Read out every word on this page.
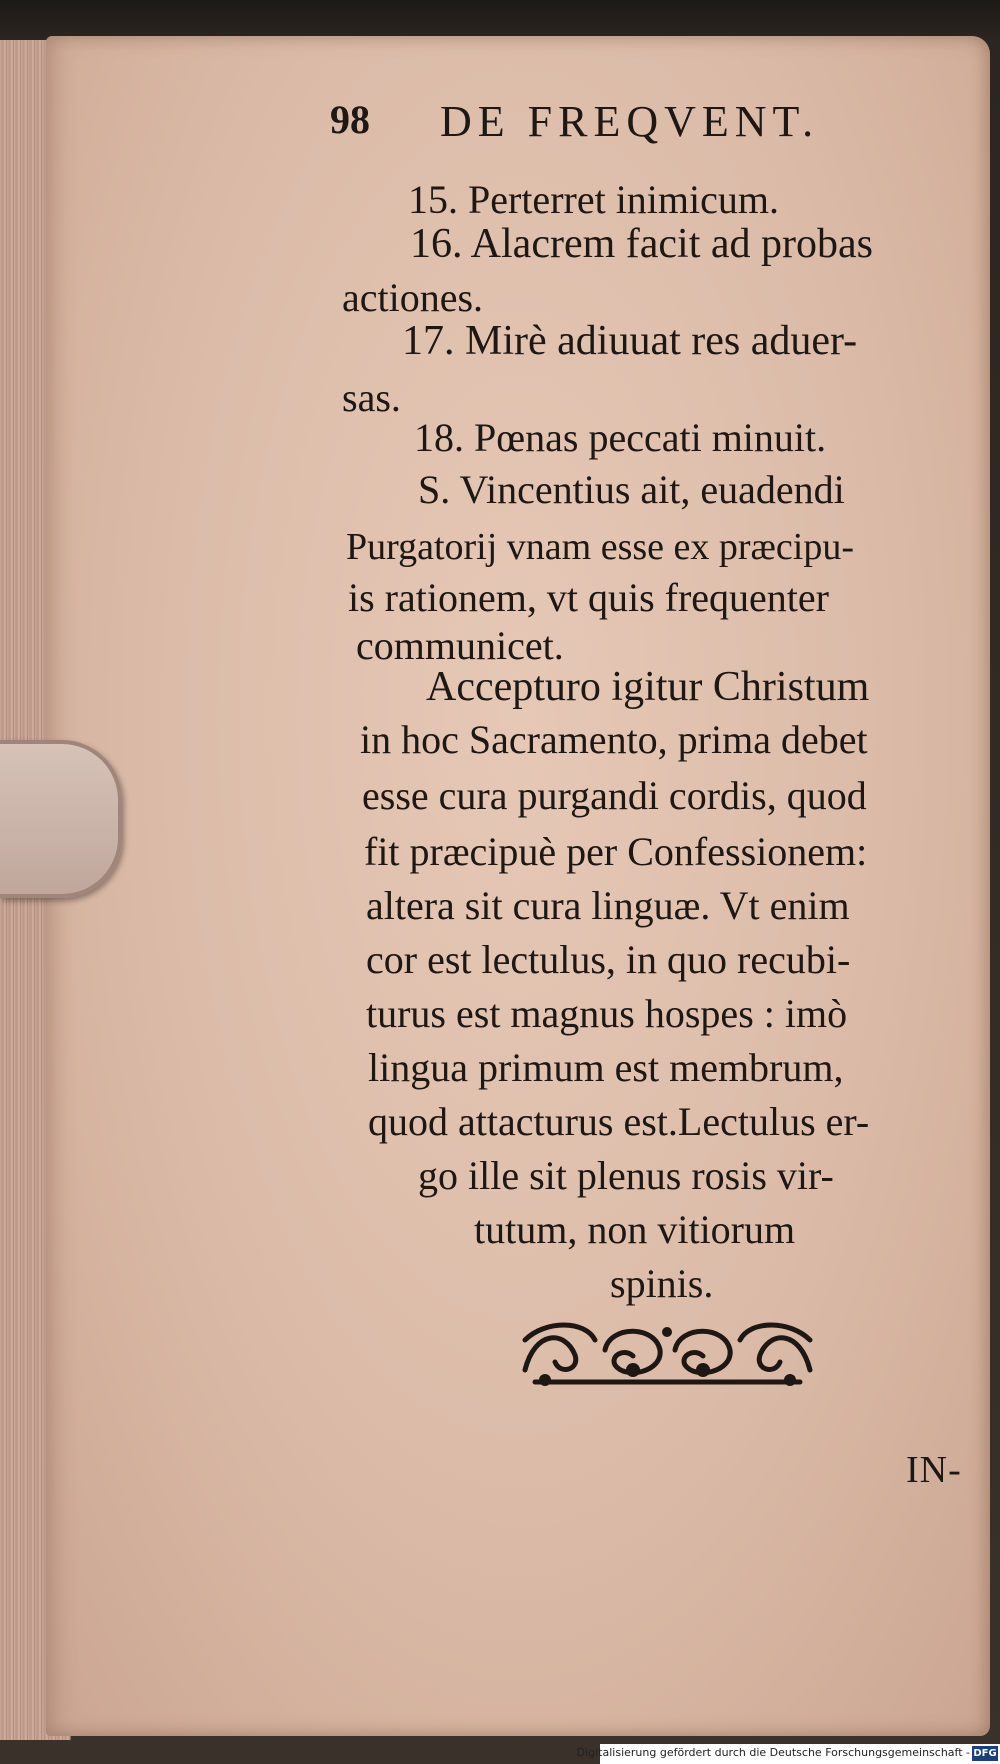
98 DE FREQVENT.
15. Perterret inimicum.
16. Alacrem facit ad probas
actiones.
17. Mirè adiuuat res aduer-
sas.
18. Pœnas peccati minuit.
S. Vincentius ait, euadendi
Purgatorij vnam esse ex præcipu-
is rationem, vt quis frequenter
communicet.
Accepturo igitur Christum
in hoc Sacramento, prima debet
esse cura purgandi cordis, quod
fit præcipuè per Confessionem:
altera sit cura linguæ. Vt enim
cor est lectulus, in quo recubi-
turus est magnus hospes : imò
lingua primum est membrum,
quod attacturus est.Lectulus er-
go ille sit plenus rosis vir-
tutum, non vitiorum
spinis.
IN-
Digitalisierung gefördert durch die Deutsche Forschungsgemeinschaft - DFG
